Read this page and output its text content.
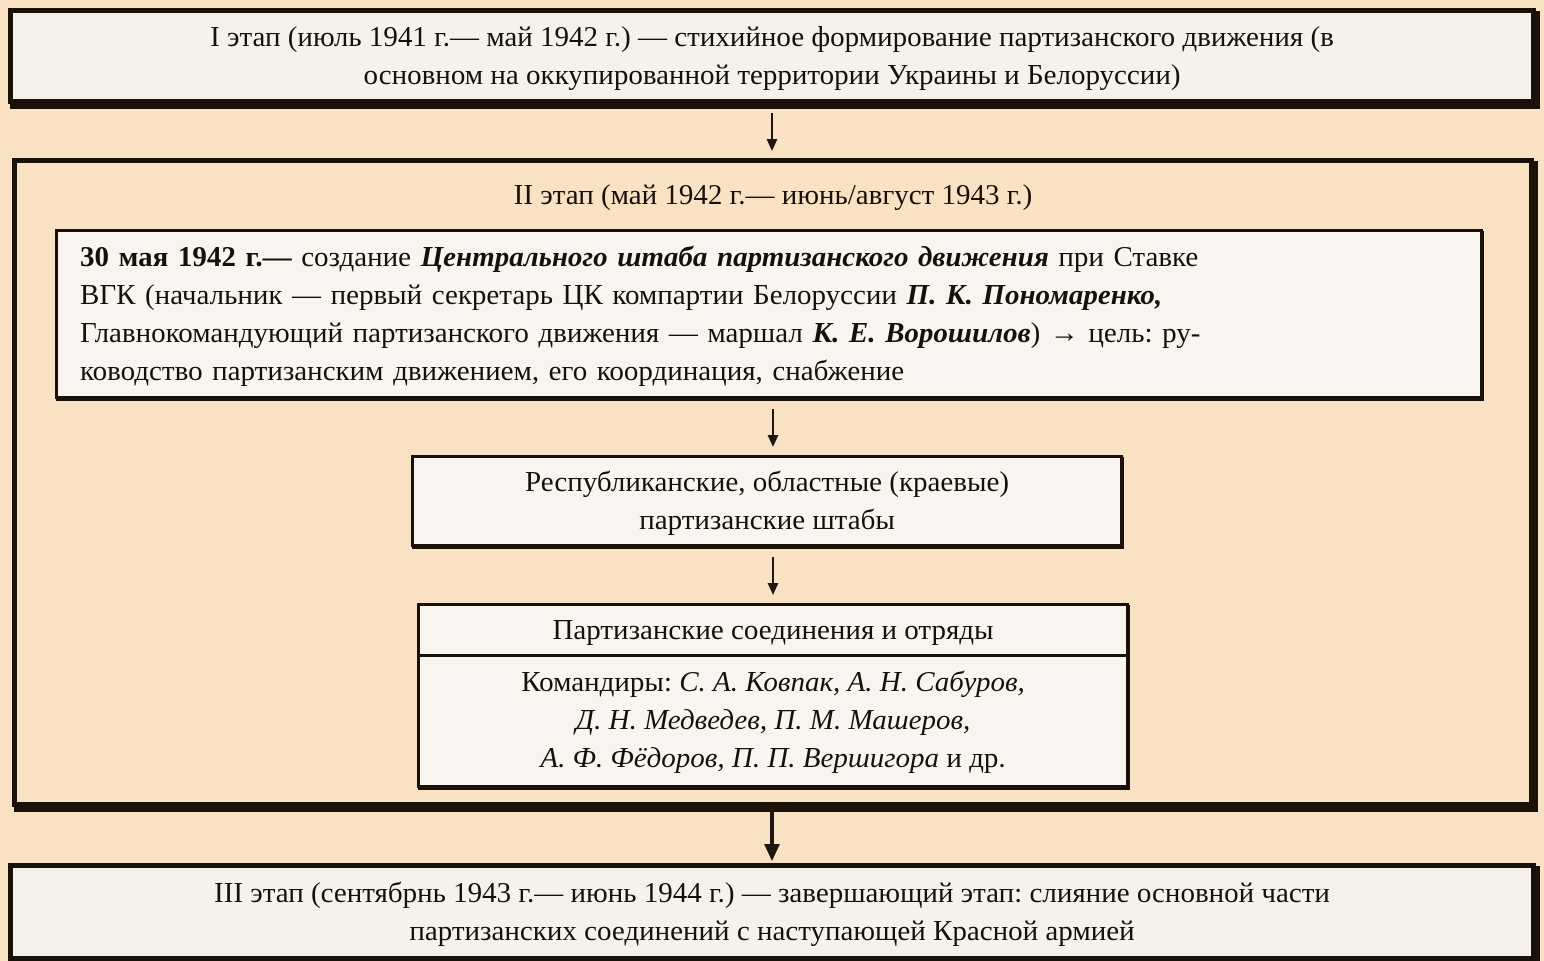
I этап (июль 1941 г.— май 1942 г.) — стихийное формирование партизанского движения (в
основном на оккупированной территории Украины и Белоруссии)
II этап (май 1942 г.— июнь/август 1943 г.)
30 мая 1942 г.— создание Центрального штаба партизанского движения при Ставке
ВГК (начальник — первый секретарь ЦК компартии Белоруссии П. К. Пономаренко,
Главнокомандующий партизанского движения — маршал К. Е. Ворошилов) → цель: ру-
ководство партизанским движением, его координация, снабжение
Республиканские, областные (краевые)
партизанские штабы
Партизанские соединения и отряды
Командиры: С. А. Ковпак, А. Н. Сабуров,
Д. Н. Медведев, П. М. Машеров,
А. Ф. Фёдоров, П. П. Вершигора и др.
III этап (сентябрнь 1943 г.— июнь 1944 г.) — завершающий этап: слияние основной части
партизанских соединений с наступающей Красной армией
